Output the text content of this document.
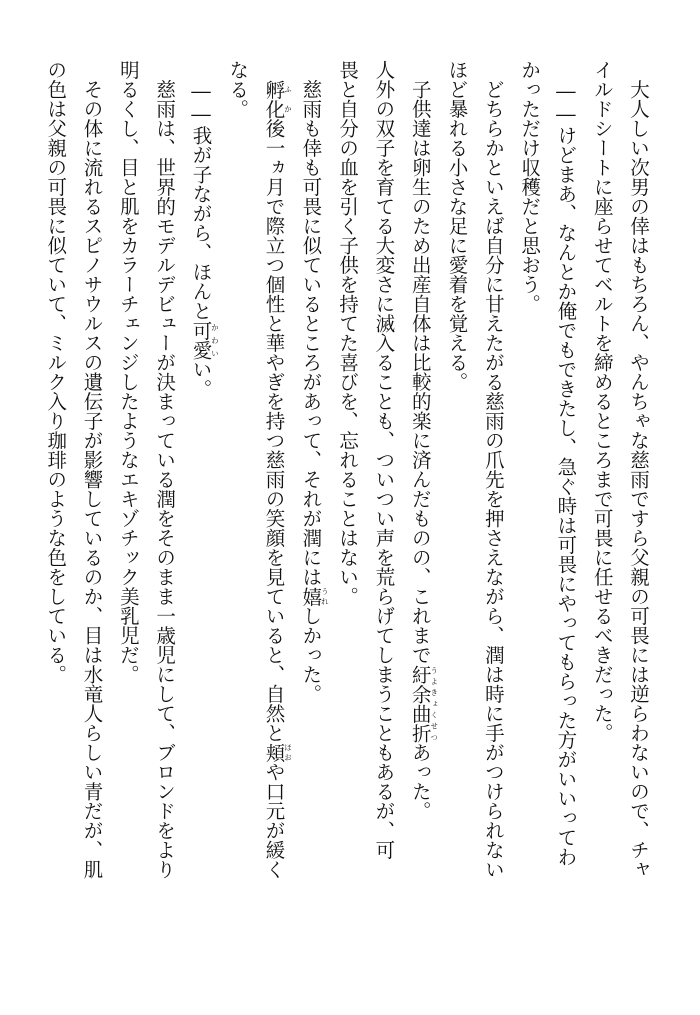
　大人しい次男の倖はもちろん、やんちゃな慈雨ですら父親の可畏には逆らわないので、チャ
イルドシートに座らせてベルトを締めるところまで可畏に任せるべきだった。
　――けどまあ、なんとか俺でもできたし、急ぐ時は可畏にやってもらった方がいいってわ
かっただけ収穫だと思おう。
　どちらかといえば自分に甘えたがる慈雨の爪先を押さえながら、潤は時に手がつけられない
ほど暴れる小さな足に愛着を覚える。
　子供達は卵生のため出産自体は比較的楽に済んだものの、これまで紆余曲折うよきょくせつあった。
人外の双子を育てる大変さに滅入ることも、ついつい声を荒らげてしまうこともあるが、可
畏と自分の血を引く子供を持てた喜びを、忘れることはない。
　慈雨も倖も可畏に似ているところがあって、それが潤には嬉うれしかった。
　孵化ふか後一ヵ月で際立つ個性と華やぎを持つ慈雨の笑顔を見ていると、自然と頬ほおや口元が緩く
なる。
　――我が子ながら、ほんと可愛かわいい。
　慈雨は、世界的モデルデビューが決まっている潤をそのまま一歳児にして、ブロンドをより
明るくし、目と肌をカラーチェンジしたようなエキゾチック美乳児だ。
　その体に流れるスピノサウルスの遺伝子が影響しているのか、目は水竜人らしい青だが、肌
の色は父親の可畏に似ていて、ミルク入り珈琲のような色をしている。
